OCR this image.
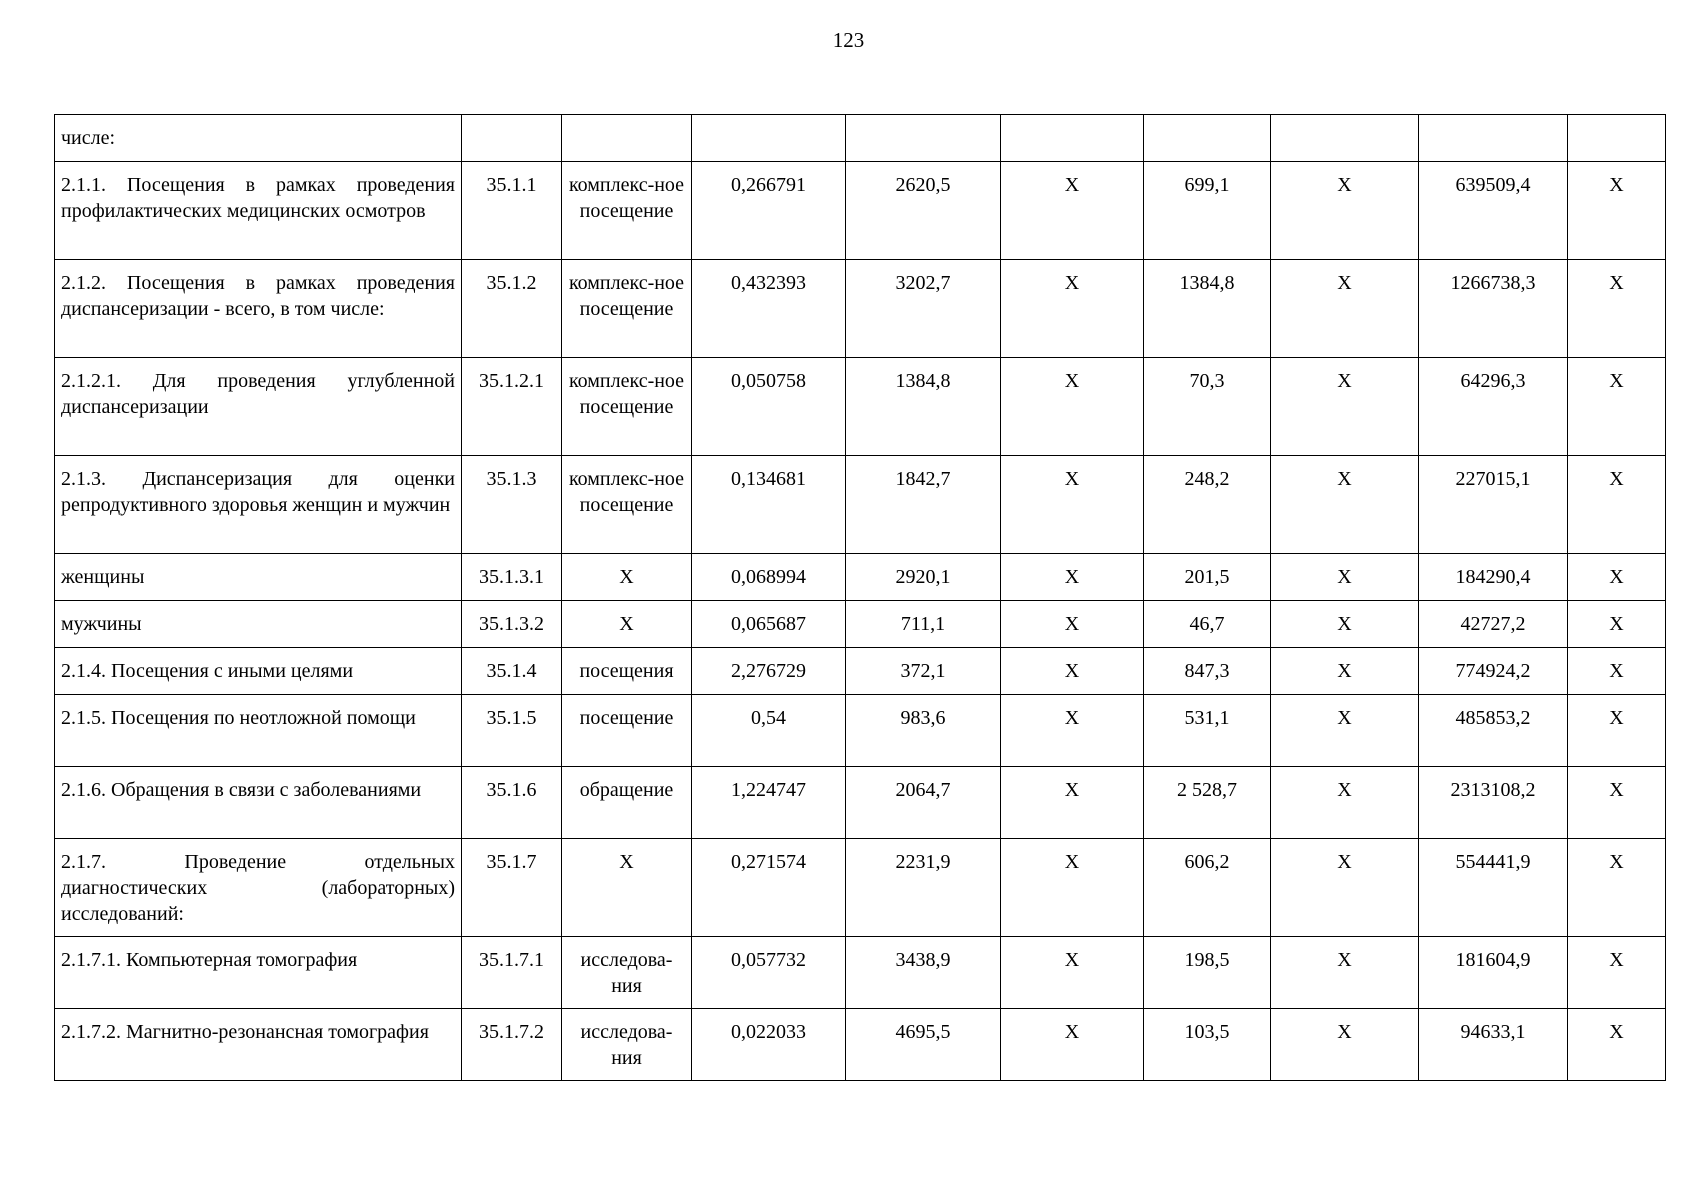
123
числе:									
2.1.1. Посещения в рамках проведения профилактических медицинских осмотров	35.1.1	комплекс-ное посещение	0,266791	2620,5	X	699,1	X	639509,4	X
2.1.2. Посещения в рамках проведения диспансеризации - всего, в том числе:	35.1.2	комплекс-ное посещение	0,432393	3202,7	X	1384,8	X	1266738,3	X
2.1.2.1. Для проведения углубленной диспансеризации	35.1.2.1	комплекс-ное посещение	0,050758	1384,8	X	70,3	X	64296,3	X
2.1.3. Диспансеризация для оценки репродуктивного здоровья женщин и мужчин	35.1.3	комплекс-ное посещение	0,134681	1842,7	X	248,2	X	227015,1	X
женщины	35.1.3.1	X	0,068994	2920,1	X	201,5	X	184290,4	X
мужчины	35.1.3.2	X	0,065687	711,1	X	46,7	X	42727,2	X
2.1.4. Посещения с иными целями	35.1.4	посещения	2,276729	372,1	X	847,3	X	774924,2	X
2.1.5. Посещения по неотложной помощи	35.1.5	посещение	0,54	983,6	X	531,1	X	485853,2	X
2.1.6. Обращения в связи с заболеваниями	35.1.6	обращение	1,224747	2064,7	X	2 528,7	X	2313108,2	X
2.1.7. Проведение отдельных диагностических (лабораторных) исследований:	35.1.7	X	0,271574	2231,9	X	606,2	X	554441,9	X
2.1.7.1. Компьютерная томография	35.1.7.1	исследова-ния	0,057732	3438,9	X	198,5	X	181604,9	X
2.1.7.2. Магнитно-резонансная томография	35.1.7.2	исследова-ния	0,022033	4695,5	X	103,5	X	94633,1	X
